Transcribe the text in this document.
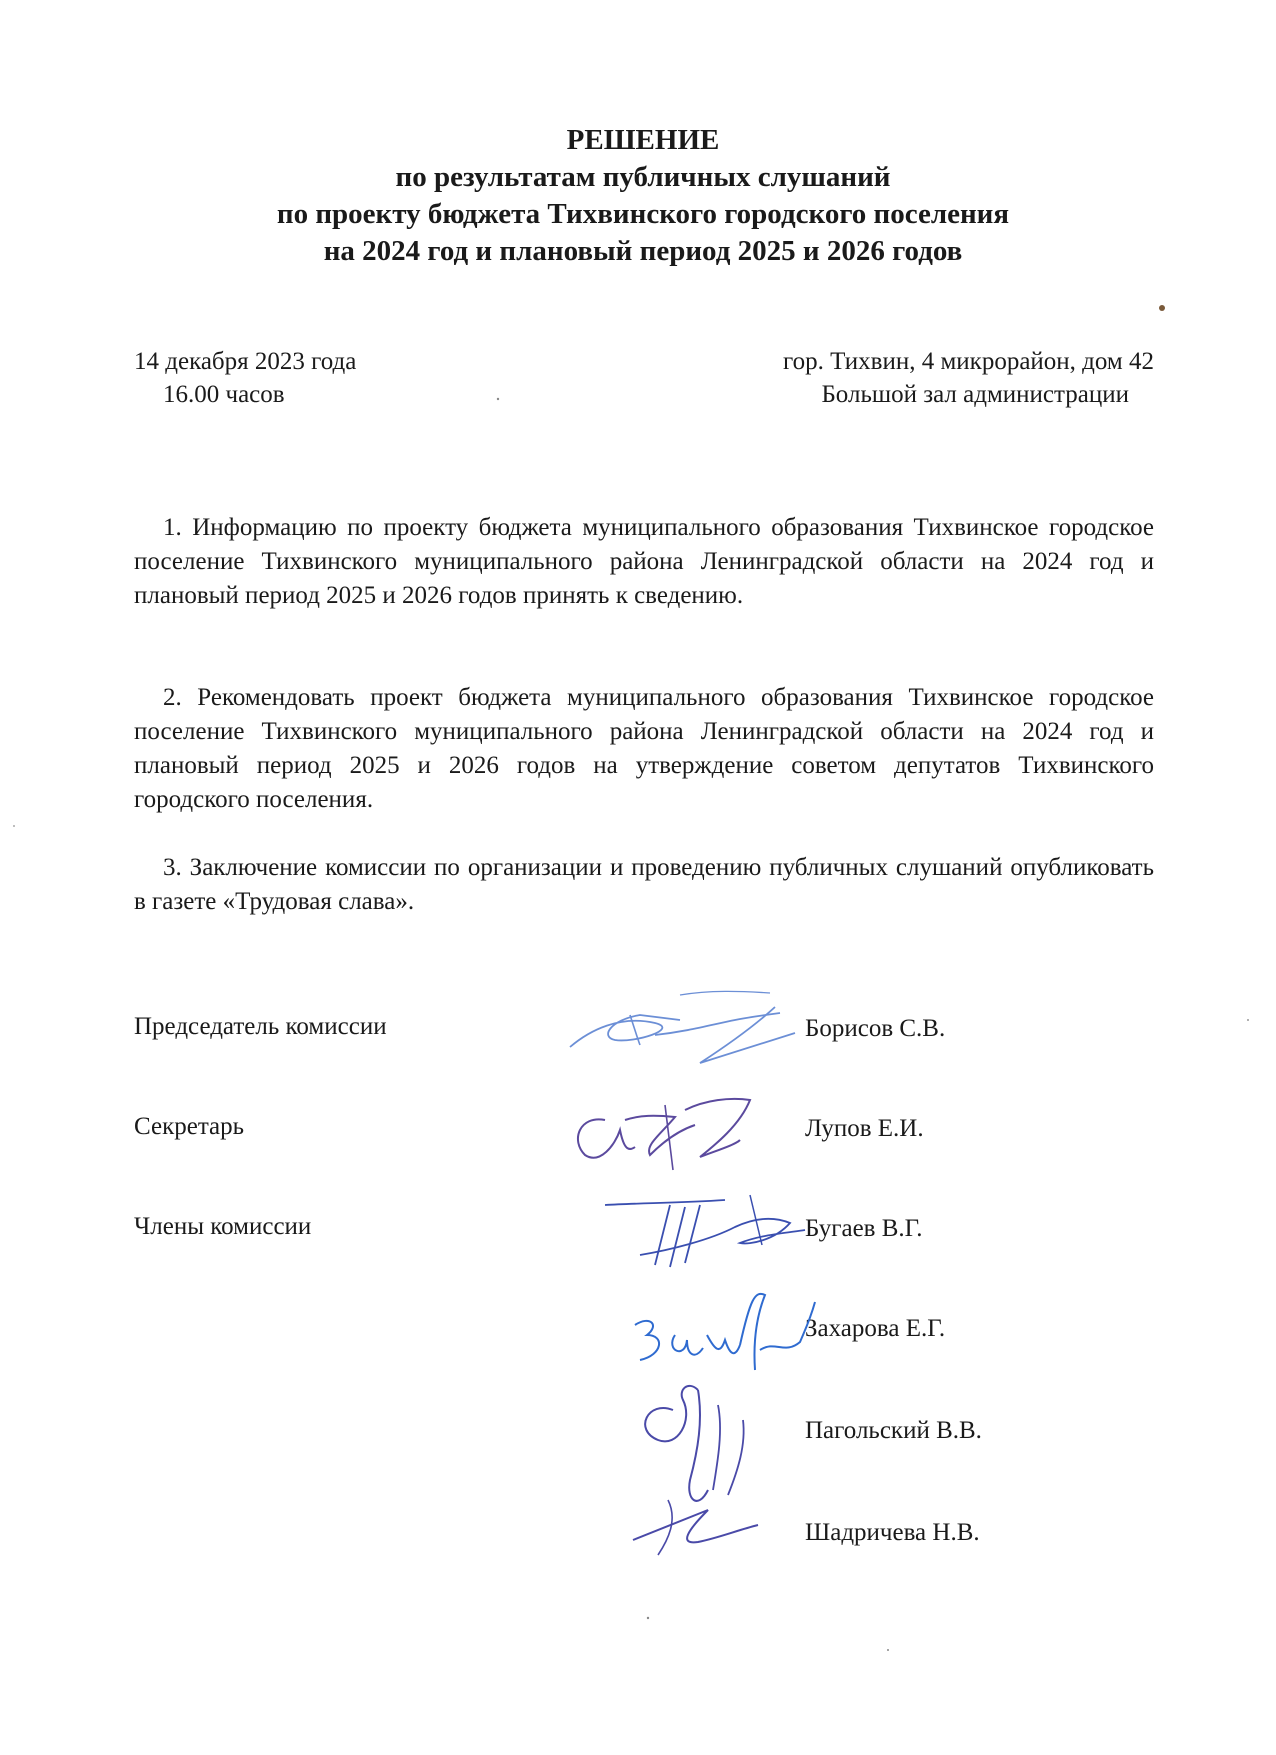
РЕШЕНИЕ
по результатам публичных слушаний
по проекту бюджета Тихвинского городского поселения
на 2024 год и плановый период 2025 и 2026 годов
14 декабря 2023 года
16.00 часов
гор. Тихвин, 4 микрорайон, дом 42
Большой зал администрации

1. Информацию по проекту бюджета муниципального образования Тихвинское городское поселение Тихвинского муниципального района Ленинградской области на 2024 год и плановый период 2025 и 2026 годов принять к сведению.

2. Рекомендовать проект бюджета муниципального образования Тихвинское городское поселение Тихвинского муниципального района Ленинградской области на 2024 год и плановый период 2025 и 2026 годов на утверждение советом депутатов Тихвинского городского поселения.

3. Заключение комиссии по организации и проведению публичных слушаний опубликовать в газете «Трудовая слава».

Председатель комиссии
Секретарь
Члены комиссии
Борисов С.В.
Лупов Е.И.
Бугаев В.Г.
Захарова Е.Г.
Пагольский В.В.
Шадричева Н.В.
